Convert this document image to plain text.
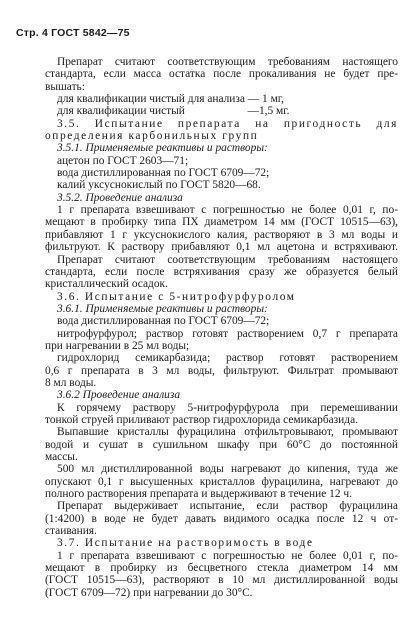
Стр. 4 ГОСТ 5842—75
Препарат считают соответствующим требованиям настоящего
стандарта, если масса остатка после прокаливания не будет пре-
вышать:
для квалификации чистый для анализа — 1 мг,
для квалификации чистый                      —1,5 мг.
3.5. Испытание препарата на пригодность для
определения карбонильных групп
3.5.1. Применяемые реактивы и растворы:
ацетон по ГОСТ 2603—71;
вода дистиллированная по ГОСТ 6709—72;
калий уксуснокислый по ГОСТ 5820—68.
3.5.2. Проведение анализа
1 г препарата взвешивают с погрешностью не более 0,01 г, по-
мещают в пробирку типа ПХ диаметром 14 мм (ГОСТ 10515—63),
прибавляют 1 г уксуснокислого калия, растворяют в 3 мл воды и
фильтруют. К раствору прибавляют 0,1 мл ацетона и встряхивают.
Препарат считают соответствующим требованиям настоящего
стандарта, если после встряхивания сразу же образуется белый
кристаллический осадок.
3.6. Испытание с 5-нитрофурфуролом
3.6.1. Применяемые реактивы и растворы:
вода дистиллированная по ГОСТ 6709—72;
нитрофурфурол; раствор готовят растворением 0,7 г препарата
при нагревании в 25 мл воды;
гидрохлорид семикарбазида; раствор готовят растворением
0,6 г препарата в 3 мл воды, фильтруют. Фильтрат промывают
8 мл воды.
3.6.2 Проведение анализа
К горячему раствору 5-нитрофурфурола при перемешивании
тонкой струей приливают раствор гидрохлорида семикарбазида.
Выпавшие кристаллы фурацилина отфильтровывают, промывают
водой и сушат в сушильном шкафу при 60°С до постоянной
массы.
500 мл дистиллированной воды нагревают до кипения, туда же
опускают 0,1 г высушенных кристаллов фурацилина, нагревают до
полного растворения препарата и выдерживают в течение 12 ч.
Препарат выдерживает испытание, если раствор фурацилина
(1:4200) в воде не будет давать видимого осадка после 12 ч от-
стаивания.
3.7. Испытание на растворимость в воде
1 г препарата взвешивают с погрешностью не более 0,01 г, по-
мещают в пробирку из бесцветного стекла диаметром 14 мм
(ГОСТ 10515—63), растворяют в 10 мл дистиллированной воды
(ГОСТ 6709—72) при нагревании до 30°С.
